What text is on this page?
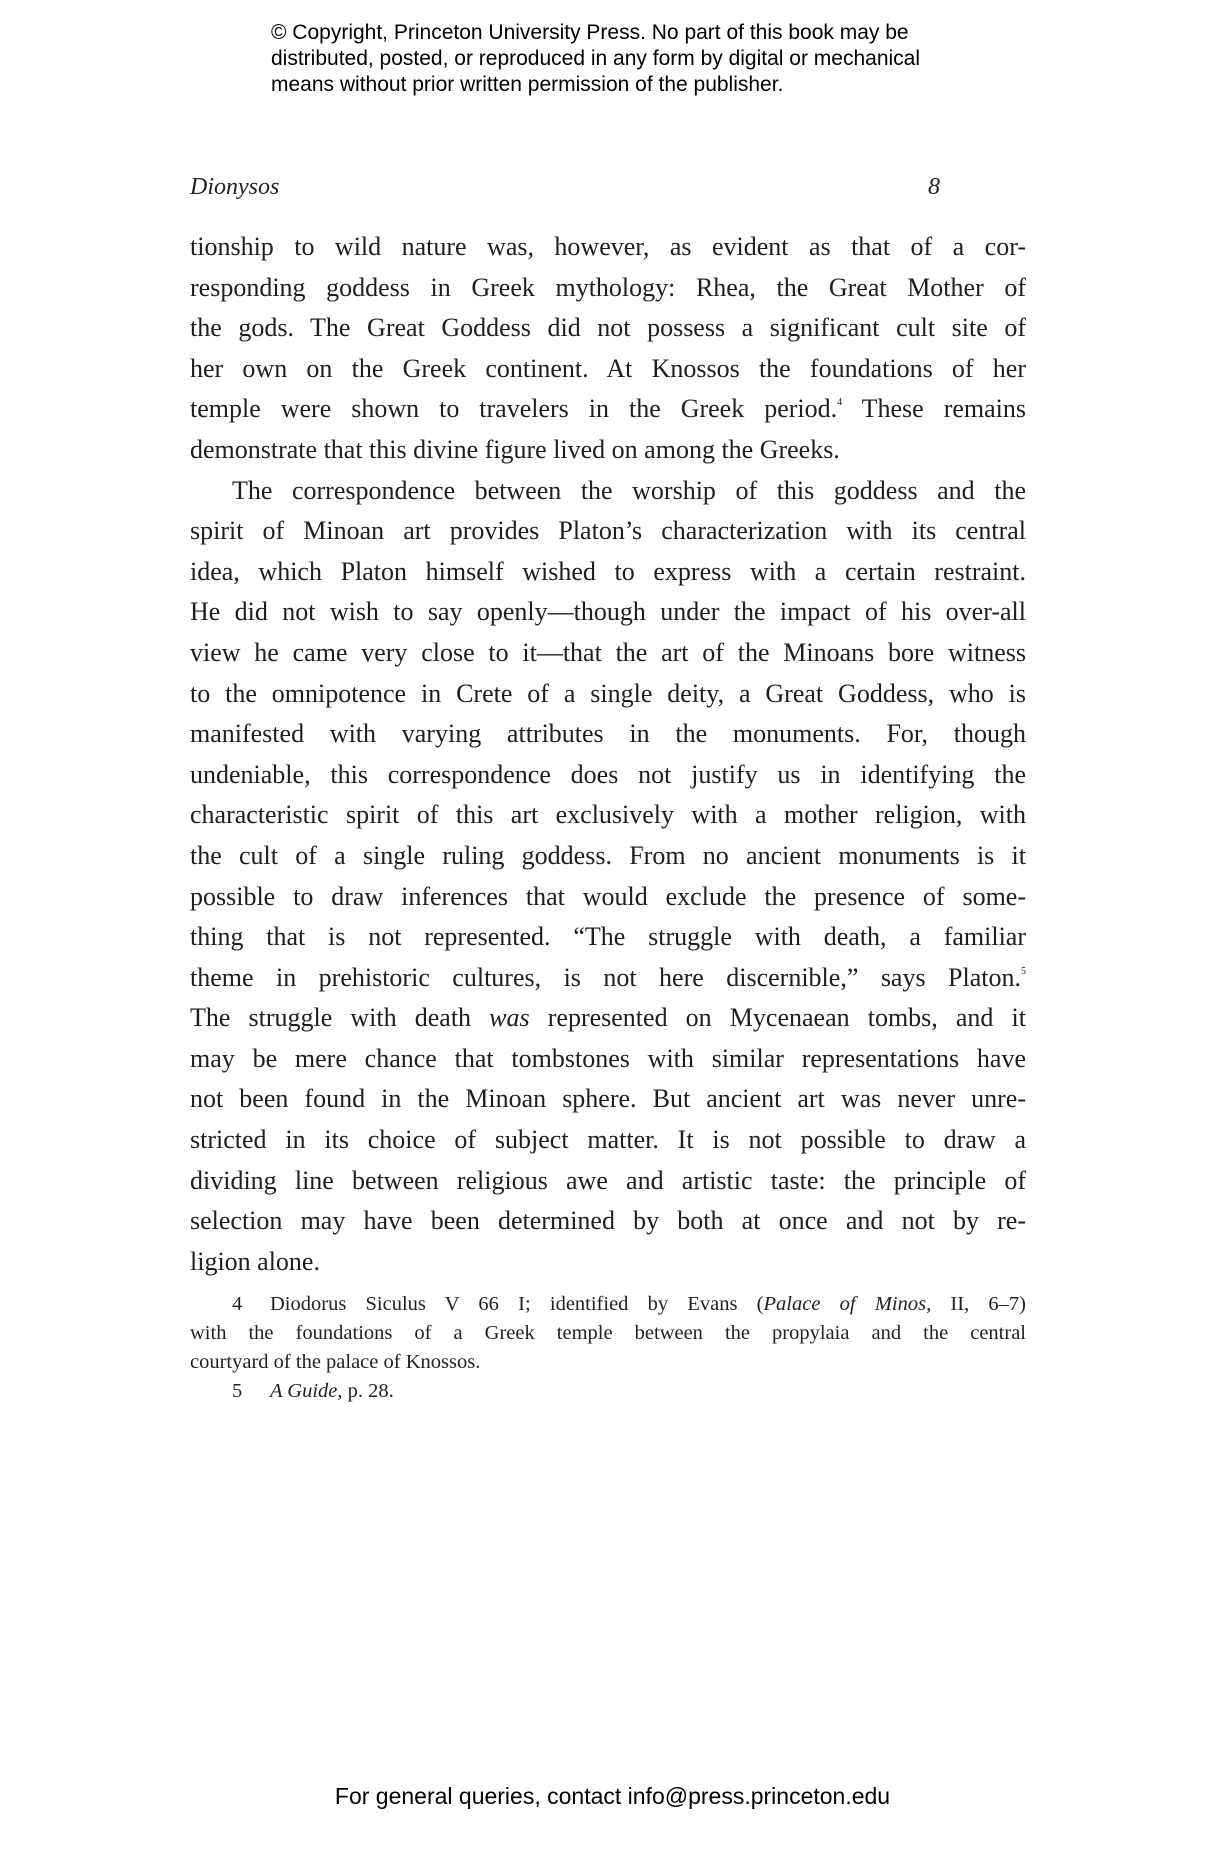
© Copyright, Princeton University Press. No part of this book may be
distributed, posted, or reproduced in any form by digital or mechanical
means without prior written permission of the publisher.
Dionysos	8
tionship to wild nature was, however, as evident as that of a cor-
responding goddess in Greek mythology: Rhea, the Great Mother of
the gods. The Great Goddess did not possess a significant cult site of
her own on the Greek continent. At Knossos the foundations of her
temple were shown to travelers in the Greek period.$^4$ These remains
demonstrate that this divine figure lived on among the Greeks.
The correspondence between the worship of this goddess and the
spirit of Minoan art provides Platon’s characterization with its central
idea, which Platon himself wished to express with a certain restraint.
He did not wish to say openly—though under the impact of his over-all
view he came very close to it—that the art of the Minoans bore witness
to the omnipotence in Crete of a single deity, a Great Goddess, who is
manifested with varying attributes in the monuments. For, though
undeniable, this correspondence does not justify us in identifying the
characteristic spirit of this art exclusively with a mother religion, with
the cult of a single ruling goddess. From no ancient monuments is it
possible to draw inferences that would exclude the presence of some-
thing that is not represented. “The struggle with death, a familiar
theme in prehistoric cultures, is not here discernible,” says Platon.$^5$
The struggle with death was represented on Mycenaean tombs, and it
may be mere chance that tombstones with similar representations have
not been found in the Minoan sphere. But ancient art was never unre-
stricted in its choice of subject matter. It is not possible to draw a
dividing line between religious awe and artistic taste: the principle of
selection may have been determined by both at once and not by re-
ligion alone.
4 Diodorus Siculus V 66 I; identified by Evans (Palace of Minos, II, 6–7)
with the foundations of a Greek temple between the propylaia and the central
courtyard of the palace of Knossos.
5 A Guide, p. 28.
For general queries, contact info@press.princeton.edu
